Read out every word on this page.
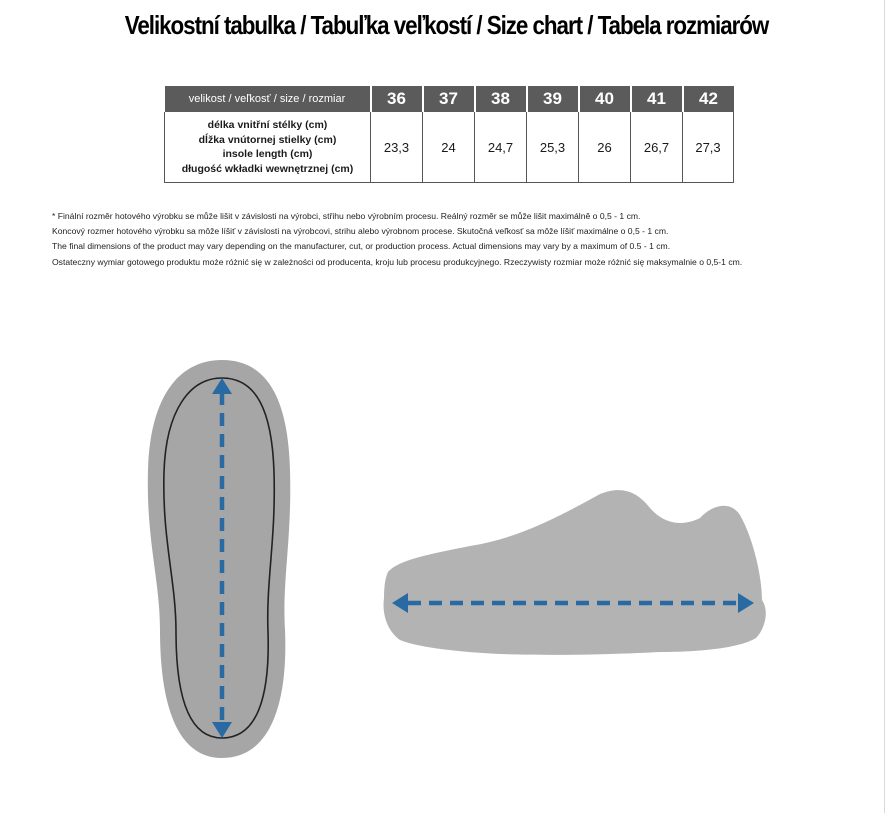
Velikostní tabulka / Tabuľka veľkostí / Size chart / Tabela rozmiarów
velikost / veľkosť / size / rozmiar	36	37	38	39	40	41	42

délka vnitřní stélky (cm)
dĺžka vnútornej stielky (cm)
insole length (cm)
długość wkładki wewnętrznej (cm)	23,3	24	24,7	25,3	26	26,7	27,3
* Finální rozměr hotového výrobku se může lišit v závislosti na výrobci, střihu nebo výrobním procesu. Reálný rozměr se může lišit maximálně o 0,5 - 1 cm.
Koncový rozmer hotového výrobku sa môže líšiť v závislosti na výrobcovi, strihu alebo výrobnom procese. Skutočná veľkosť sa môže líšiť maximálne o 0,5 - 1 cm.
The final dimensions of the product may vary depending on the manufacturer, cut, or production process. Actual dimensions may vary by a maximum of 0.5 - 1 cm.
Ostateczny wymiar gotowego produktu może różnić się w zależności od producenta, kroju lub procesu produkcyjnego. Rzeczywisty rozmiar może różnić się maksymalnie o 0,5-1 cm.
